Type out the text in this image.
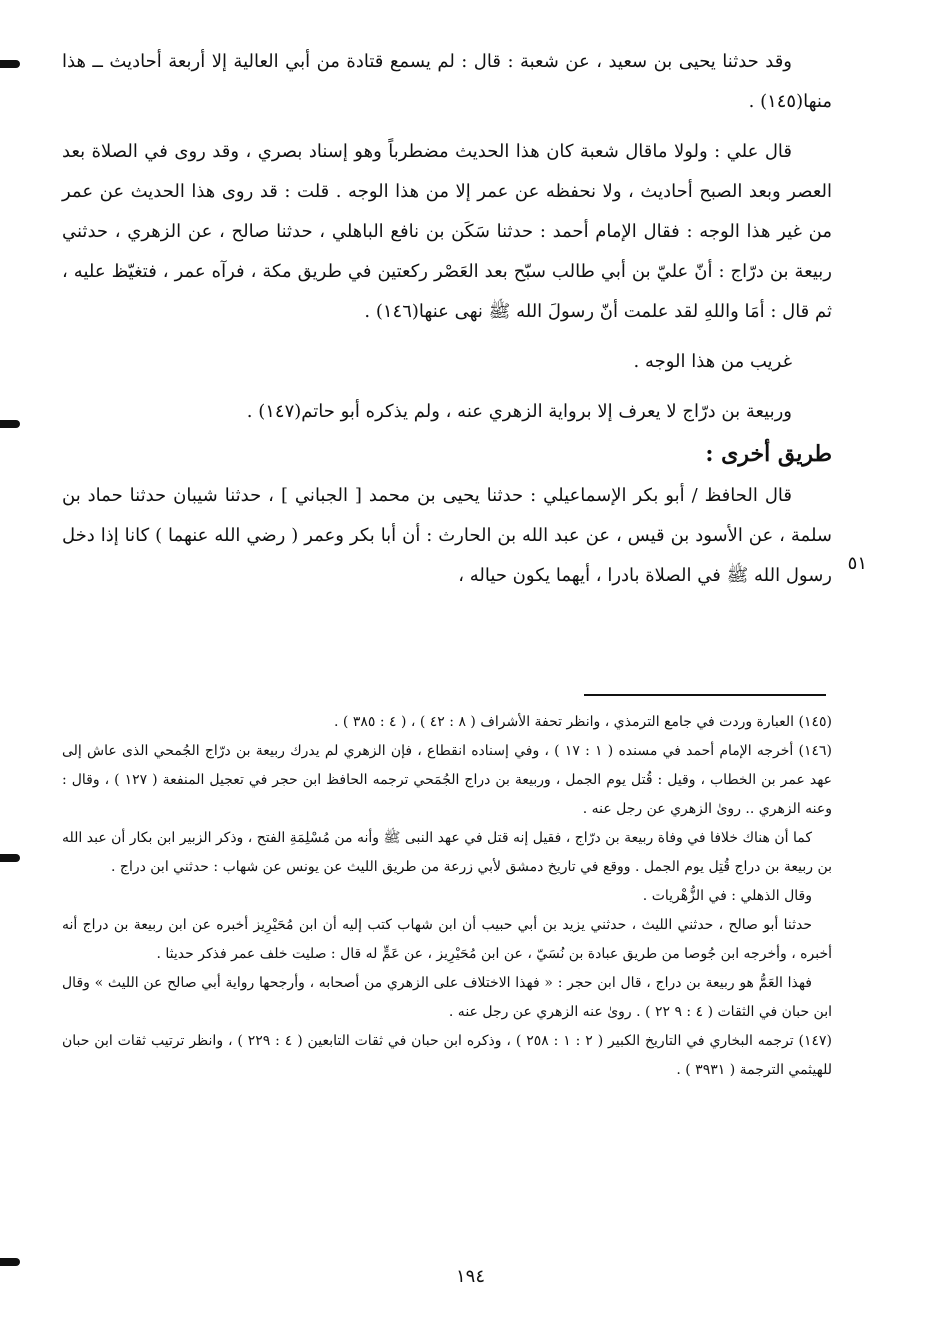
وقد حدثنا يحيى بن سعيد ، عن شعبة : قال : لم يسمع قتادة من أبي العالية إلا أربعة أحاديث ــ هذا منها(١٤٥) .

قال علي : ولولا ماقال شعبة كان هذا الحديث مضطرباً وهو إسناد بصري ، وقد روى في الصلاة بعد العصر وبعد الصبح أحاديث ، ولا نحفظه عن عمر إلا من هذا الوجه . قلت : قد روى هذا الحديث عن عمر من غير هذا الوجه : فقال الإمام أحمد : حدثنا سَكَن بن نافع الباهلي ، حدثنا صالح ، عن الزهري ، حدثني ربيعة بن درّاج : أنّ عليّ بن أبي طالب سبّح بعد العَصْر ركعتين في طريق مكة ، فرآه عمر ، فتغيّظ عليه ، ثم قال : أمَا واللهِ لقد علمت أنّ رسولَ الله ﷺ نهى عنها(١٤٦) .

غريب من هذا الوجه .

وربيعة بن درّاج لا يعرف إلا برواية الزهري عنه ، ولم يذكره أبو حاتم(١٤٧) .

طريق أخرى :

قال الحافظ / أبو بكر الإسماعيلي : حدثنا يحيى بن محمد [ الجباني ] ، حدثنا شيبان حدثنا حماد بن سلمة ، عن الأسود بن قيس ، عن عبد الله بن الحارث : أن أبا بكر وعمر ( رضي الله عنهما ) كانا إذا دخل رسول الله ﷺ في الصلاة بادرا ، أيهما يكون حياله ،

٥١

(١٤٥) العبارة وردت في جامع الترمذي ، وانظر تحفة الأشراف ( ٨ : ٤٢ ) ، ( ٤ : ٣٨٥ ) .

(١٤٦) أخرجه الإمام أحمد في مسنده ( ١ : ١٧ ) ، وفي إسناده انقطاع ، فإن الزهري لم يدرك ربيعة بن درّاج الجُمحي الذى عاش إلى عهد عمر بن الخطاب ، وقيل : قُتل يوم الجمل ، وربيعة بن دراج الجُمَحي ترجمه الحافظ ابن حجر في تعجيل المنفعة ( ١٢٧ ) ، وقال : وعنه الزهري .. روىٰ الزهري عن رجل عنه .

كما أن هناك خلافا في وفاة ربيعة بن درّاج ، فقيل إنه قتل في عهد النبى ﷺ وأنه من مُسْلِمَةِ الفتح ، وذكر الزبير ابن بكار أن عبد الله بن ربيعة بن دراج قُتِل يوم الجمل . ووقع في تاريخ دمشق لأبي زرعة من طريق الليث عن يونس عن شهاب : حدثني ابن دراج .

وقال الذهلي : في الزُّهْريات .

حدثنا أبو صالح ، حدثني الليث ، حدثني يزيد بن أبي حبيب أن ابن شهاب كتب إليه أن ابن مُحَيْرِيز أخبره عن ابن ربيعة بن دراج أنه أخبره ، وأخرجه ابن جُوصا من طريق عبادة بن نُسَيّ ، عن ابن مُحَيْرِيز ، عن عَمٍّ له قال : صليت خلف عمر فذكر حديثا .

فهذا العَمُّ هو ربيعة بن دراج ، قال ابن حجر : « فهذا الاختلاف على الزهري من أصحابه ، وأرجحها رواية أبي صالح عن الليث » وقال ابن حبان في الثقات ( ٤ : ٩ ٢٢ ) . روىٰ عنه الزهري عن رجل عنه .

(١٤٧) ترجمه البخاري في التاريخ الكبير ( ٢ : ١ : ٢٥٨ ) ، وذكره ابن حبان في ثقات التابعين ( ٤ : ٢٢٩ ) ، وانظر ترتيب ثقات ابن حبان للهيثمي الترجمة ( ٣٩٣١ ) .

١٩٤
